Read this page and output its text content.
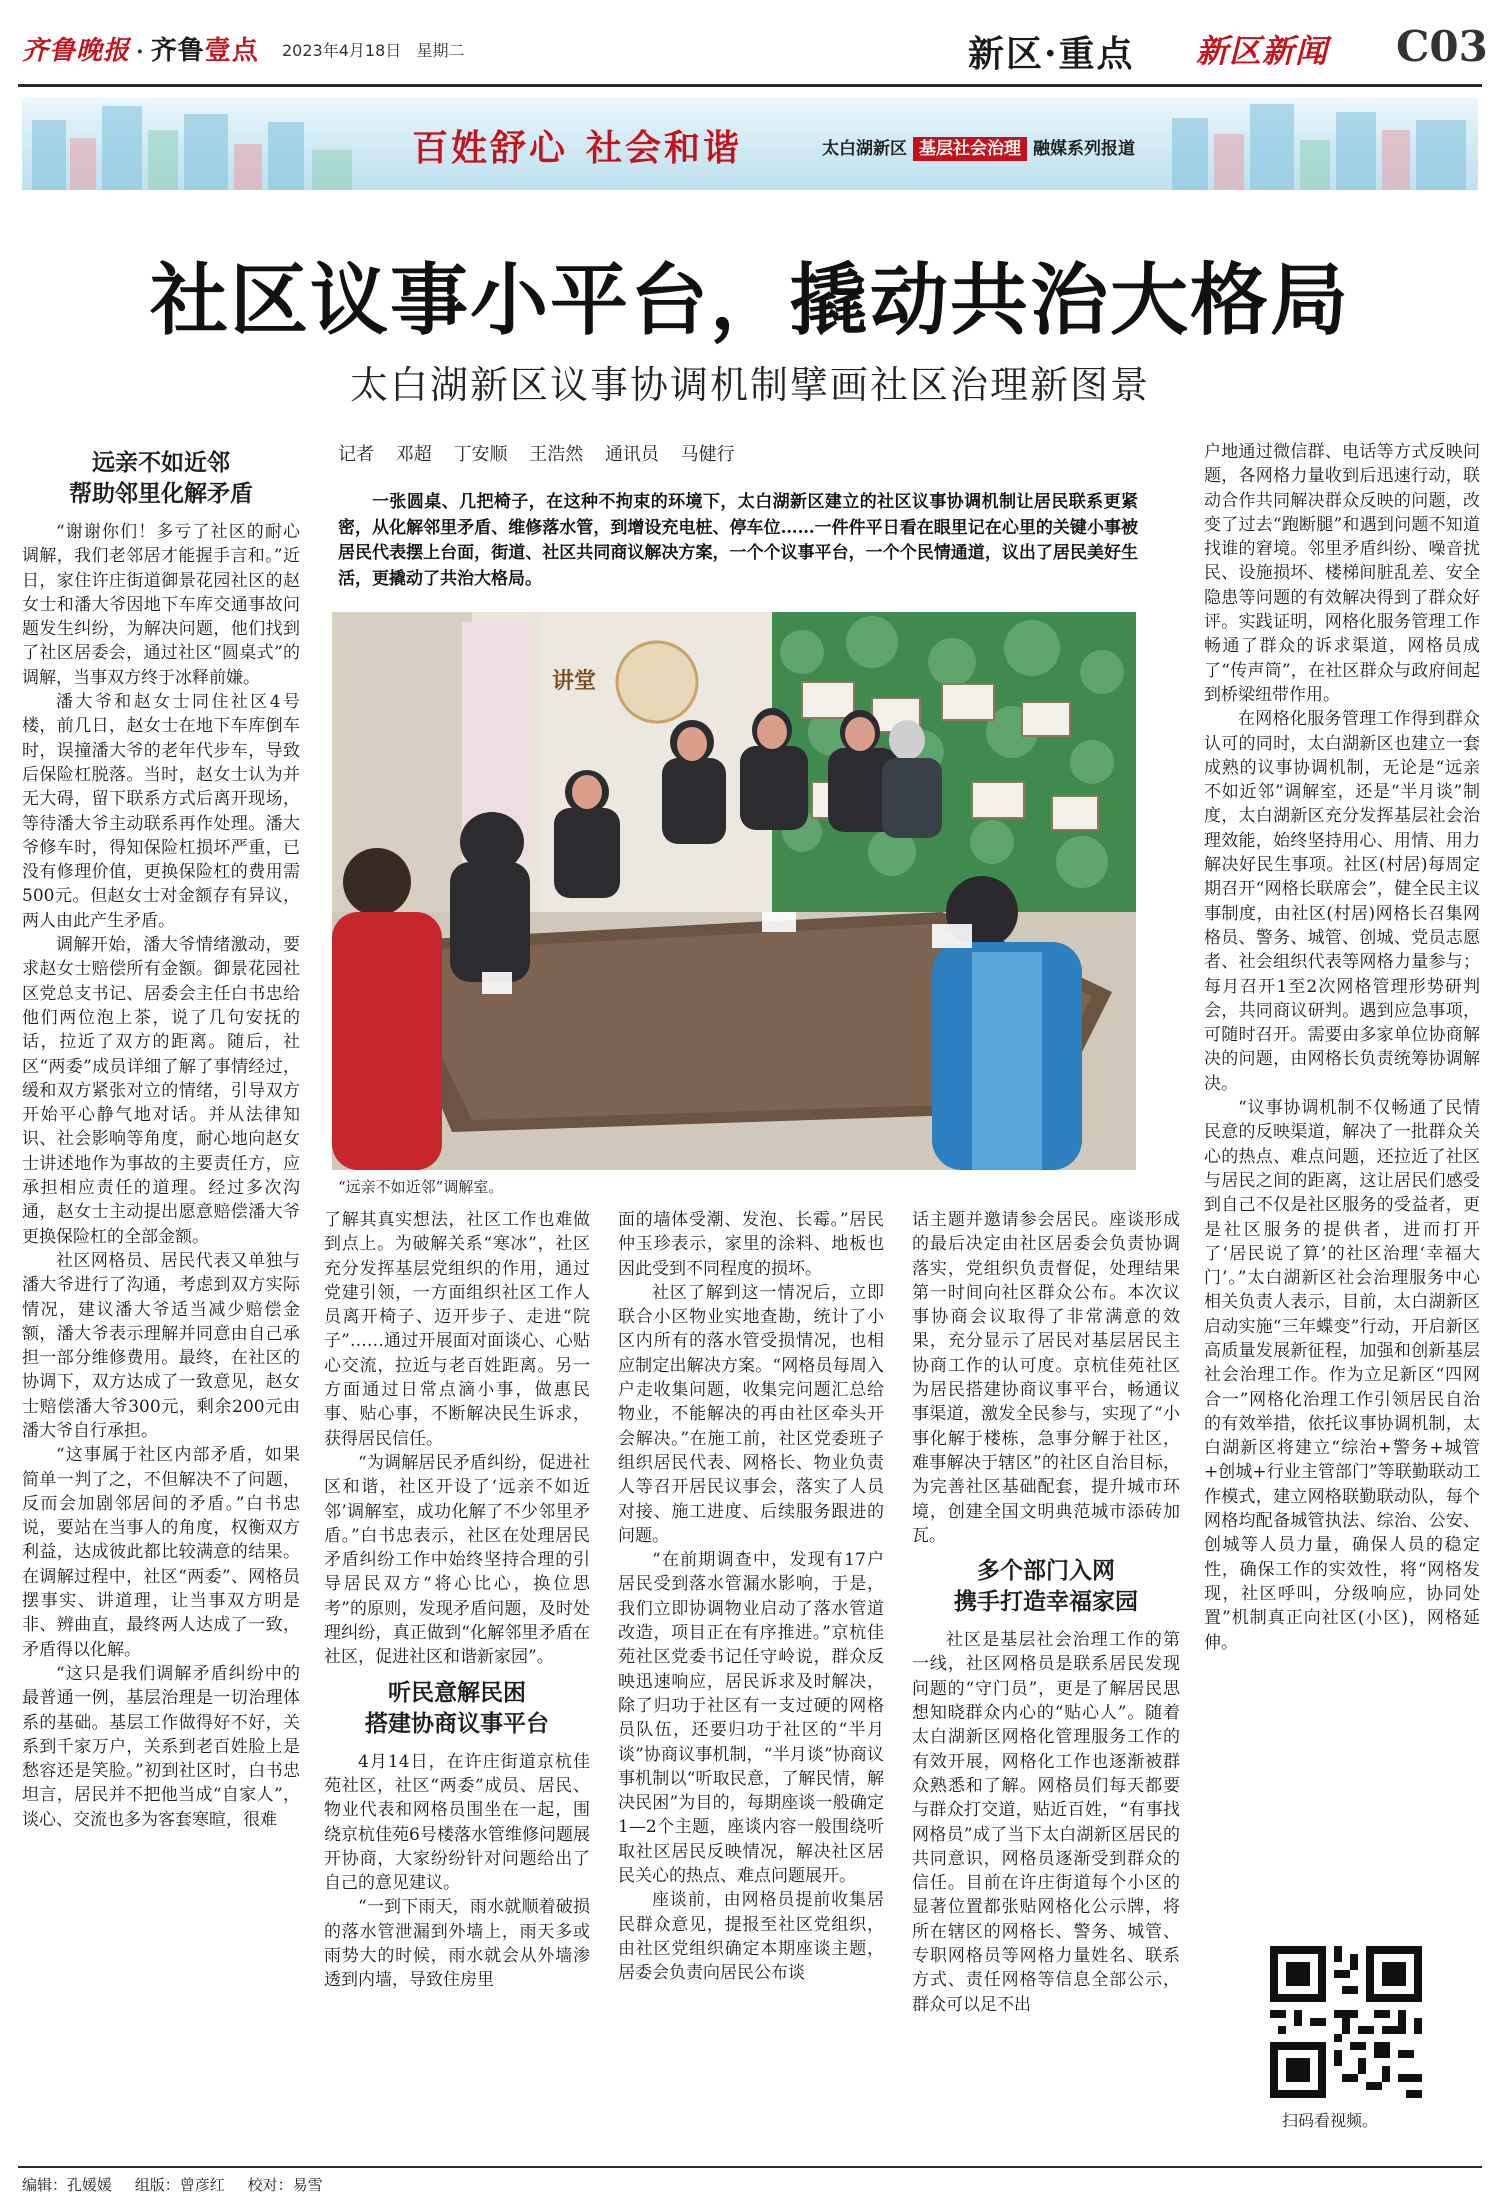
齐鲁晚报 · 齐鲁壹点 2023年4月18日 星期二	新区·重点 新区新闻 C03
百姓舒心 社会和谐	太白湖新区 基层社会治理 融媒系列报道
社区议事小平台，撬动共治大格局
太白湖新区议事协调机制擘画社区治理新图景
记者 邓超 丁安顺 王浩然 通讯员 马健行
一张圆桌、几把椅子，在这种不拘束的环境下，太白湖新区建立的社区议事协调机制让居民联系更紧密，从化解邻里矛盾、维修落水管，到增设充电桩、停车位……一件件平日看在眼里记在心里的关键小事被居民代表摆上台面，街道、社区共同商议解决方案，一个个议事平台，一个个民情通道，议出了居民美好生活，更撬动了共治大格局。
讲堂
“远亲不如近邻”调解室。
远亲不如近邻
帮助邻里化解矛盾

“谢谢你们！多亏了社区的耐心调解，我们老邻居才能握手言和。”近日，家住许庄街道御景花园社区的赵女士和潘大爷因地下车库交通事故问题发生纠纷，为解决问题，他们找到了社区居委会，通过社区“圆桌式”的调解，当事双方终于冰释前嫌。

潘大爷和赵女士同住社区4号楼，前几日，赵女士在地下车库倒车时，误撞潘大爷的老年代步车，导致后保险杠脱落。当时，赵女士认为并无大碍，留下联系方式后离开现场，等待潘大爷主动联系再作处理。潘大爷修车时，得知保险杠损坏严重，已没有修理价值，更换保险杠的费用需500元。但赵女士对金额存有异议，两人由此产生矛盾。

调解开始，潘大爷情绪激动，要求赵女士赔偿所有金额。御景花园社区党总支书记、居委会主任白书忠给他们两位泡上茶，说了几句安抚的话，拉近了双方的距离。随后，社区“两委”成员详细了解了事情经过，缓和双方紧张对立的情绪，引导双方开始平心静气地对话。并从法律知识、社会影响等角度，耐心地向赵女士讲述地作为事故的主要责任方，应承担相应责任的道理。经过多次沟通，赵女士主动提出愿意赔偿潘大爷更换保险杠的全部金额。

社区网格员、居民代表又单独与潘大爷进行了沟通，考虑到双方实际情况，建议潘大爷适当减少赔偿金额，潘大爷表示理解并同意由自己承担一部分维修费用。最终，在社区的协调下，双方达成了一致意见，赵女士赔偿潘大爷300元，剩余200元由潘大爷自行承担。

“这事属于社区内部矛盾，如果简单一判了之，不但解决不了问题，反而会加剧邻居间的矛盾。”白书忠说，要站在当事人的角度，权衡双方利益，达成彼此都比较满意的结果。在调解过程中，社区“两委”、网格员摆事实、讲道理，让当事双方明是非、辨曲直，最终两人达成了一致，矛盾得以化解。

“这只是我们调解矛盾纠纷中的最普通一例，基层治理是一切治理体系的基础。基层工作做得好不好，关系到千家万户，关系到老百姓脸上是愁容还是笑脸。”初到社区时，白书忠坦言，居民并不把他当成“自家人”，谈心、交流也多为客套寒暄，很难

了解其真实想法，社区工作也难做到点上。为破解关系“寒冰”，社区充分发挥基层党组织的作用，通过党建引领，一方面组织社区工作人员离开椅子、迈开步子、走进“院子”……通过开展面对面谈心、心贴心交流，拉近与老百姓距离。另一方面通过日常点滴小事，做惠民事、贴心事，不断解决民生诉求，获得居民信任。

“为调解居民矛盾纠纷，促进社区和谐，社区开设了‘远亲不如近邻’调解室，成功化解了不少邻里矛盾。”白书忠表示，社区在处理居民矛盾纠纷工作中始终坚持合理的引导居民双方“将心比心，换位思考”的原则，发现矛盾问题，及时处理纠纷，真正做到“化解邻里矛盾在社区，促进社区和谐新家园”。

听民意解民困
搭建协商议事平台

4月14日，在许庄街道京杭佳苑社区，社区“两委”成员、居民、物业代表和网格员围坐在一起，围绕京杭佳苑6号楼落水管维修问题展开协商，大家纷纷针对问题给出了自己的意见建议。

“一到下雨天，雨水就顺着破损的落水管泄漏到外墙上，雨天多或雨势大的时候，雨水就会从外墙渗透到内墙，导致住房里

面的墙体受潮、发泡、长霉。”居民仲玉珍表示，家里的涂料、地板也因此受到不同程度的损坏。

社区了解到这一情况后，立即联合小区物业实地查勘，统计了小区内所有的落水管受损情况，也相应制定出解决方案。“网格员每周入户走收集问题，收集完问题汇总给物业，不能解决的再由社区牵头开会解决。”在施工前，社区党委班子组织居民代表、网格长、物业负责人等召开居民议事会，落实了人员对接、施工进度、后续服务跟进的问题。

“在前期调查中，发现有17户居民受到落水管漏水影响，于是，我们立即协调物业启动了落水管道改造，项目正在有序推进。”京杭佳苑社区党委书记任守岭说，群众反映迅速响应，居民诉求及时解决，除了归功于社区有一支过硬的网格员队伍，还要归功于社区的“半月谈”协商议事机制，“半月谈”协商议事机制以“听取民意，了解民情，解决民困”为目的，每期座谈一般确定1—2个主题，座谈内容一般围绕听取社区居民反映情况，解决社区居民关心的热点、难点问题展开。

座谈前，由网格员提前收集居民群众意见，提报至社区党组织，由社区党组织确定本期座谈主题，居委会负责向居民公布谈

话主题并邀请参会居民。座谈形成的最后决定由社区居委会负责协调落实，党组织负责督促，处理结果第一时间向社区群众公布。本次议事协商会议取得了非常满意的效果，充分显示了居民对基层居民主协商工作的认可度。京杭佳苑社区为居民搭建协商议事平台，畅通议事渠道，激发全民参与，实现了“小事化解于楼栋，急事分解于社区，难事解决于辖区”的社区自治目标，为完善社区基础配套，提升城市环境，创建全国文明典范城市添砖加瓦。

多个部门入网
携手打造幸福家园

社区是基层社会治理工作的第一线，社区网格员是联系居民发现问题的“守门员”，更是了解居民思想知晓群众内心的“贴心人”。随着太白湖新区网格化管理服务工作的有效开展，网格化工作也逐渐被群众熟悉和了解。网格员们每天都要与群众打交道，贴近百姓，“有事找网格员”成了当下太白湖新区居民的共同意识，网格员逐渐受到群众的信任。目前在许庄街道每个小区的显著位置都张贴网格化公示牌，将所在辖区的网格长、警务、城管、专职网格员等网格力量姓名、联系方式、责任网格等信息全部公示，群众可以足不出

户地通过微信群、电话等方式反映问题，各网格力量收到后迅速行动，联动合作共同解决群众反映的问题，改变了过去“跑断腿”和遇到问题不知道找谁的窘境。邻里矛盾纠纷、噪音扰民、设施损坏、楼梯间脏乱差、安全隐患等问题的有效解决得到了群众好评。实践证明，网格化服务管理工作畅通了群众的诉求渠道，网格员成了“传声筒”，在社区群众与政府间起到桥梁纽带作用。

在网格化服务管理工作得到群众认可的同时，太白湖新区也建立一套成熟的议事协调机制，无论是“远亲不如近邻”调解室，还是“半月谈”制度，太白湖新区充分发挥基层社会治理效能，始终坚持用心、用情、用力解决好民生事项。社区(村居)每周定期召开“网格长联席会”，健全民主议事制度，由社区(村居)网格长召集网格员、警务、城管、创城、党员志愿者、社会组织代表等网格力量参与；每月召开1至2次网格管理形势研判会，共同商议研判。遇到应急事项，可随时召开。需要由多家单位协商解决的问题，由网格长负责统筹协调解决。

“议事协调机制不仅畅通了民情民意的反映渠道，解决了一批群众关心的热点、难点问题，还拉近了社区与居民之间的距离，这让居民们感受到自己不仅是社区服务的受益者，更是社区服务的提供者，进而打开了‘居民说了算’的社区治理‘幸福大门’。”太白湖新区社会治理服务中心相关负责人表示，目前，太白湖新区启动实施“三年蝶变”行动，开启新区高质量发展新征程，加强和创新基层社会治理工作。作为立足新区“四网合一”网格化治理工作引领居民自治的有效举措，依托议事协调机制，太白湖新区将建立“综治+警务+城管+创城+行业主管部门”等联勤联动工作模式，建立网格联勤联动队，每个网格均配备城管执法、综治、公安、创城等人员力量，确保人员的稳定性，确保工作的实效性，将“网格发现，社区呼叫，分级响应，协同处置”机制真正向社区(小区)，网格延伸。

扫码看视频。
编辑：孔媛媛 组版：曾彦红 校对：易雪
